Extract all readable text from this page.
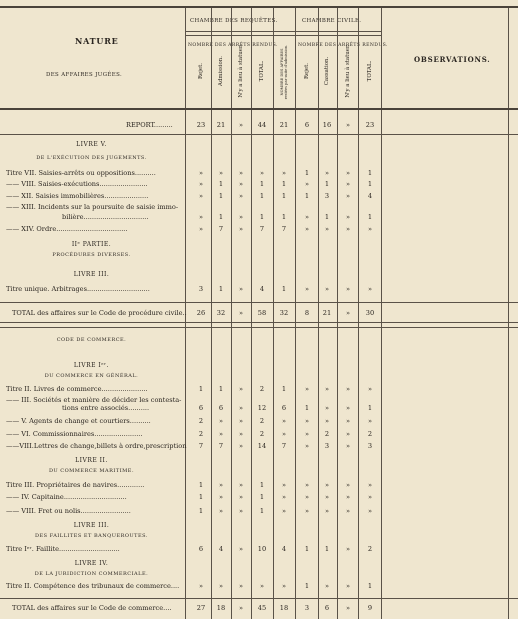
NATURE
DES AFFAIRES JUGÉES.
CHAMBRE DES REQUÊTES.	CHAMBRE CIVILE.
NOMBRE DES ARRÊTS RENDUS.	NOMBRE DES ARRÊTS RENDUS.
OBSERVATIONS.
Rejet.	Admission.	N'y a lieu à statuer.	TOTAL.	NOMBRE DES AFFAIRES restées par suite d'admission.	Rejet.	Cassation.	N'y a lieu à statuer.	TOTAL.
REPORT.........	23	21	»	44	21	6	16	»	23
LIVRE V.
DE L'EXÉCUTION DES JUGEMENTS.
Titre VII. Saisies-arrêts ou oppositions..........	»	»	»	»	»	1	»	»	1
—— VIII. Saisies-exécutions.......................	»	1	»	1	1	»	1	»	1
—— XII. Saisies immobilières.....................	»	1	»	1	1	1	3	»	4
—— XIII. Incidents sur la poursuite de saisie immo-
bilière...............................	»	1	»	1	1	»	1	»	1
—— XIV. Ordre..................................	»	7	»	7	7	»	»	»	»
IIᵉ PARTIE.
PROCÉDURES DIVERSES.
LIVRE III.
Titre unique. Arbitrages..............................	3	1	»	4	1	»	»	»	»
TOTAL des affaires sur le Code de procédure civile..	26	32	»	58	32	8	21	»	30
CODE DE COMMERCE.
LIVRE Iᵉʳ.
DU COMMERCE EN GÉNÉRAL.
Titre II. Livres de commerce......................	1	1	»	2	1	»	»	»	»
—— III. Sociétés et manière de décider les contesta-
tions entre associés..........	6	6	»	12	6	1	»	»	1
—— V. Agents de change et courtiers..........	2	»	»	2	»	»	»	»	»
—— VI. Commissionnaires.......................	2	»	»	2	»	»	2	»	2
——VIII.Lettres de change,billets à ordre,prescription	7	7	»	14	7	»	3	»	3
LIVRE II.
DU COMMERCE MARITIME.
Titre III. Propriétaires de navires.............	1	»	»	1	»	»	»	»	»
—— IV. Capitaine..............................	1	»	»	1	»	»	»	»	»
—— VIII. Fret ou nolis........................	1	»	»	1	»	»	»	»	»
LIVRE III.
DES FAILLITES ET BANQUEROUTES.
Titre Iᵉʳ. Faillite.............................	6	4	»	10	4	1	1	»	2
LIVRE IV.
DE LA JURIDICTION COMMERCIALE.
Titre II. Compétence des tribunaux de commerce....	»	»	»	»	»	1	»	»	1
TOTAL des affaires sur le Code de commerce....	27	18	»	45	18	3	6	»	9
